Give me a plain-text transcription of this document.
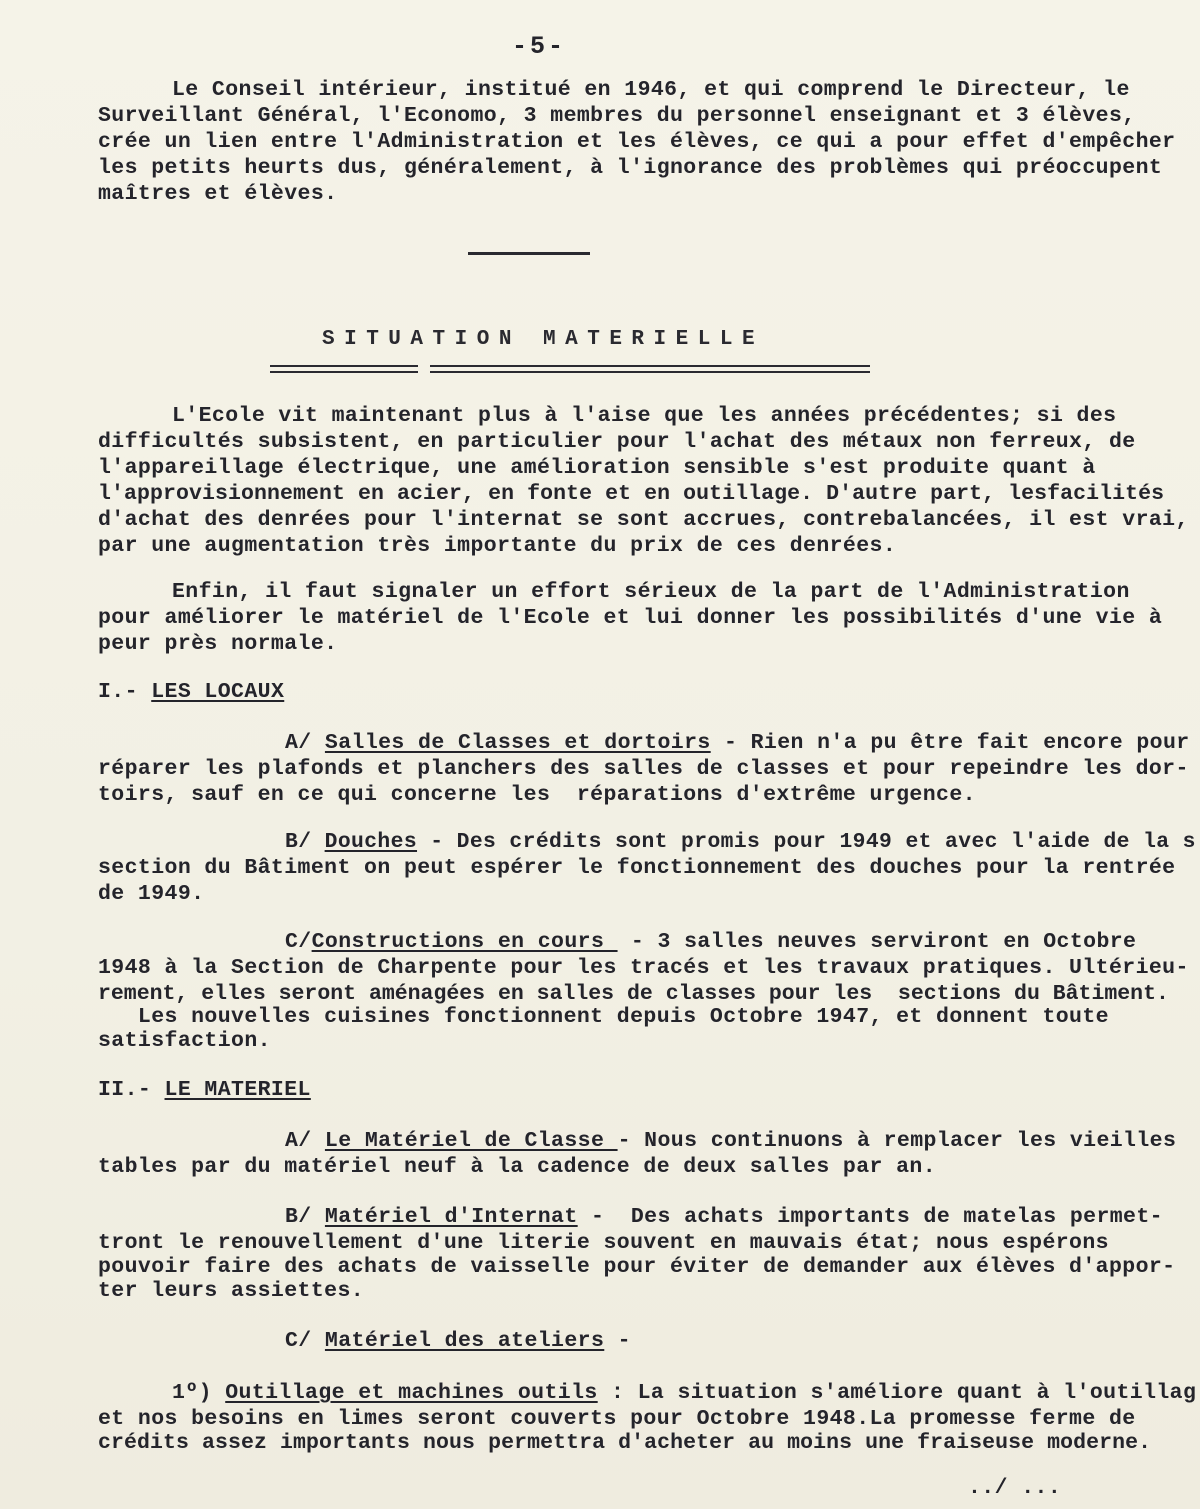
-5-
Le Conseil intérieur, institué en 1946, et qui comprend le Directeur, le
Surveillant Général, l'Economo, 3 membres du personnel enseignant et 3 élèves,
crée un lien entre l'Administration et les élèves, ce qui a pour effet d'empêcher
les petits heurts dus, généralement, à l'ignorance des problèmes qui préoccupent
maîtres et élèves.
SITUATION MATERIELLE
L'Ecole vit maintenant plus à l'aise que les années précédentes; si des
difficultés subsistent, en particulier pour l'achat des métaux non ferreux, de
l'appareillage électrique, une amélioration sensible s'est produite quant à
l'approvisionnement en acier, en fonte et en outillage. D'autre part, lesfacilités
d'achat des denrées pour l'internat se sont accrues, contrebalancées, il est vrai,
par une augmentation très importante du prix de ces denrées.
Enfin, il faut signaler un effort sérieux de la part de l'Administration
pour améliorer le matériel de l'Ecole et lui donner les possibilités d'une vie à
peur près normale.
I.- LES LOCAUX
A/ Salles de Classes et dortoirs - Rien n'a pu être fait encore pour
réparer les plafonds et planchers des salles de classes et pour repeindre les dor-
toirs, sauf en ce qui concerne les  réparations d'extrême urgence.
B/ Douches - Des crédits sont promis pour 1949 et avec l'aide de la s
section du Bâtiment on peut espérer le fonctionnement des douches pour la rentrée
de 1949.
C/Constructions en cours  - 3 salles neuves serviront en Octobre
1948 à la Section de Charpente pour les tracés et les travaux pratiques. Ultérieu-
rement, elles seront aménagées en salles de classes pour les  sections du Bâtiment.
Les nouvelles cuisines fonctionnent depuis Octobre 1947, et donnent toute
satisfaction.
II.- LE MATERIEL
A/ Le Matériel de Classe - Nous continuons à remplacer les vieilles
tables par du matériel neuf à la cadence de deux salles par an.
B/ Matériel d'Internat -  Des achats importants de matelas permet-
tront le renouvellement d'une literie souvent en mauvais état; nous espérons
pouvoir faire des achats de vaisselle pour éviter de demander aux élèves d'appor-
ter leurs assiettes.
C/ Matériel des ateliers -
1º) Outillage et machines outils : La situation s'améliore quant à l'outillag
et nos besoins en limes seront couverts pour Octobre 1948.La promesse ferme de
crédits assez importants nous permettra d'acheter au moins une fraiseuse moderne.
../ ...
